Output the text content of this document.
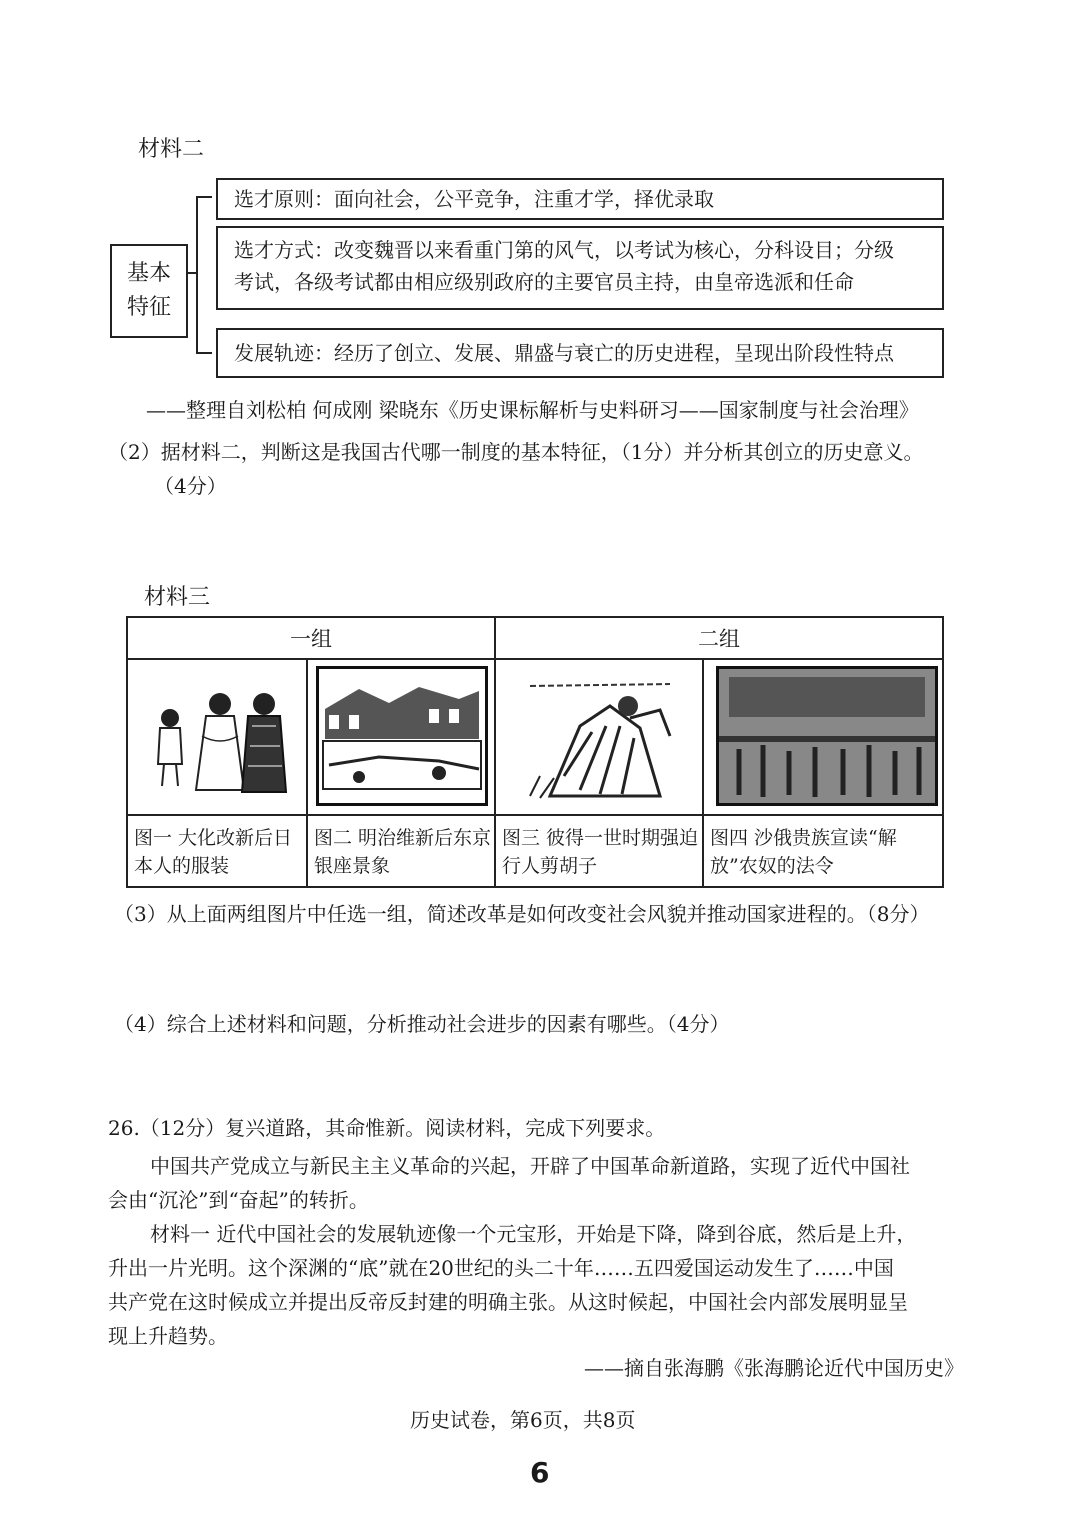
材料二
基本
特征
选才原则：面向社会，公平竞争，注重才学，择优录取
选才方式：改变魏晋以来看重门第的风气，以考试为核心，分科设目；分级
考试，各级考试都由相应级别政府的主要官员主持，由皇帝选派和任命
发展轨迹：经历了创立、发展、鼎盛与衰亡的历史进程，呈现出阶段性特点
——整理自刘松柏 何成刚 梁晓东《历史课标解析与史料研习——国家制度与社会治理》
（2）据材料二，判断这是我国古代哪一制度的基本特征，（1分）并分析其创立的历史意义。
（4分）
材料三
一组	二组
图一 大化改新后日本人的服装
图二 明治维新后东京银座景象
图三 彼得一世时期强迫行人剪胡子
图四 沙俄贵族宣读“解放”农奴的法令
（3）从上面两组图片中任选一组，简述改革是如何改变社会风貌并推动国家进程的。（8分）
（4）综合上述材料和问题，分析推动社会进步的因素有哪些。（4分）
26.（12分）复兴道路，其命惟新。阅读材料，完成下列要求。
中国共产党成立与新民主主义革命的兴起，开辟了中国革命新道路，实现了近代中国社
会由“沉沦”到“奋起”的转折。
材料一 近代中国社会的发展轨迹像一个元宝形，开始是下降，降到谷底，然后是上升，
升出一片光明。这个深渊的“底”就在20世纪的头二十年……五四爱国运动发生了……中国
共产党在这时候成立并提出反帝反封建的明确主张。从这时候起，中国社会内部发展明显呈
现上升趋势。
——摘自张海鹏《张海鹏论近代中国历史》
历史试卷，第6页，共8页
6
